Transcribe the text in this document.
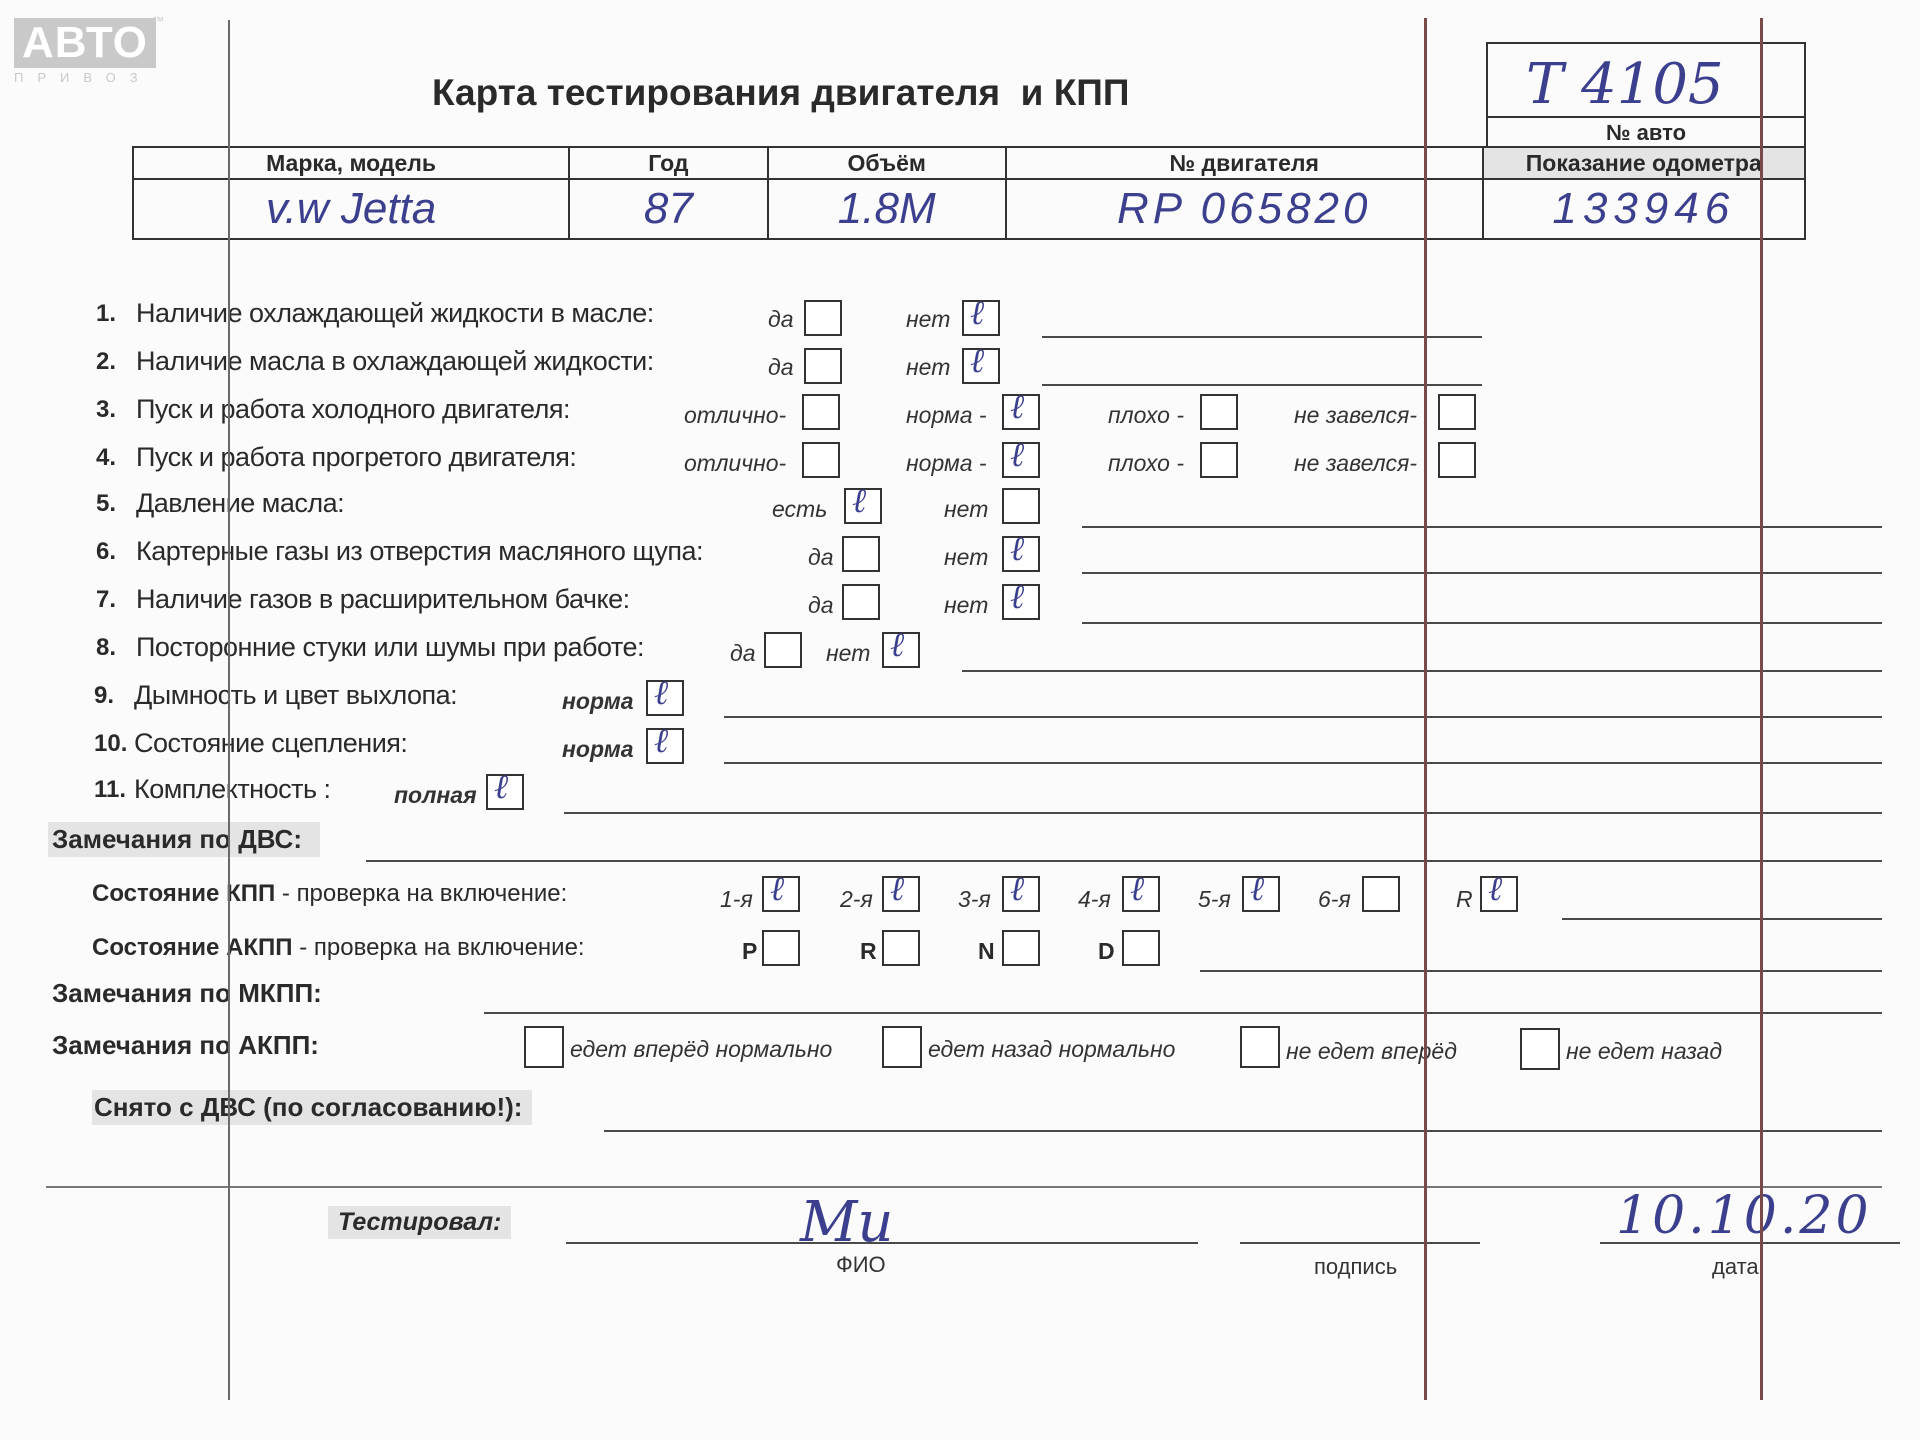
АВТО
ПРИВОЗ
™
Карта тестирования двигателя  и КПП	T 4105
№ авто
Марка, модель	Год	Объём	№ двигателя	Показание одометра
v.w Jetta	87	1.8M	RP 065820	133946
1. Наличие охлаждающей жидкости в масле:	да	нет ℓ
2. Наличие масла в охлаждающей жидкости:	да	нет ℓ
3. Пуск и работа холодного двигателя:	отлично-	норма - ℓ	плохо -	не завелся-
4. Пуск и работа прогретого двигателя:	отлично-	норма - ℓ	плохо -	не завелся-
5. Давление масла:	есть ℓ	нет
6. Картерные газы из отверстия масляного щупа:	да	нет ℓ
7. Наличие газов в расширительном бачке:	да	нет ℓ
8. Посторонние стуки или шумы при работе:	да	нет ℓ
9. Дымность и цвет выхлопа:	норма ℓ
10. Состояние сцепления:	норма ℓ
11. Комплектность :	полная ℓ
Замечания по ДВС:
Состояние КПП - проверка на включение:	1-я ℓ 2-я ℓ 3-я ℓ 4-я ℓ 5-я ℓ 6-я	R ℓ
Состояние АКПП - проверка на включение:	P	R	N	D
Замечания по МКПП:
Замечания по АКПП:	едет вперёд нормально	едет назад нормально	не едет вперёд	не едет назад
Снято с ДВС (по согласованию!):
Тестировал:	Mu
ФИО	подпись
10.10.20
дата
